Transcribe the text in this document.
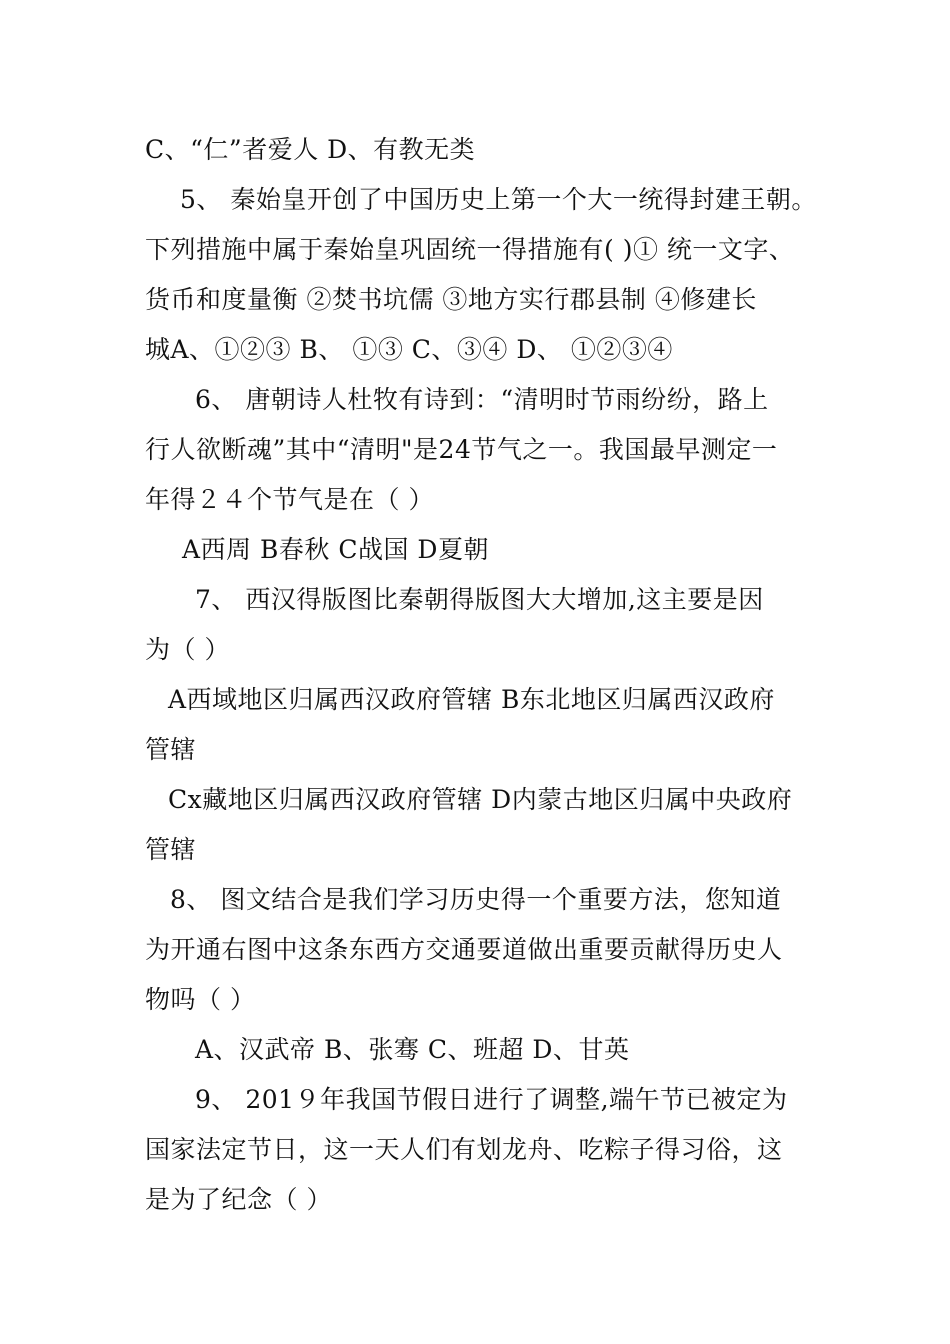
C、“仁”者爱人 D、有教无类
5、 秦始皇开创了中国历史上第一个大一统得封建王朝。
下列措施中属于秦始皇巩固统一得措施有( )① 统一文字、
货币和度量衡 ②焚书坑儒 ③地方实行郡县制 ④修建长
城A、①②③ B、 ①③ C、③④ D、 ①②③④
6、 唐朝诗人杜牧有诗到：“清明时节雨纷纷，路上
行人欲断魂”其中“清明"是24节气之一。我国最早测定一
年得２４个节气是在（ ）
A西周 B春秋 C战国 D夏朝
7、 西汉得版图比秦朝得版图大大增加,这主要是因
为（ ）
A西域地区归属西汉政府管辖 B东北地区归属西汉政府
管辖
Cx藏地区归属西汉政府管辖 D内蒙古地区归属中央政府
管辖
8、 图文结合是我们学习历史得一个重要方法，您知道
为开通右图中这条东西方交通要道做出重要贡献得历史人
物吗（ ）
A、汉武帝 B、张骞 C、班超 D、甘英
9、 201９年我国节假日进行了调整,端午节已被定为
国家法定节日，这一天人们有划龙舟、吃粽子得习俗，这
是为了纪念（ ）
